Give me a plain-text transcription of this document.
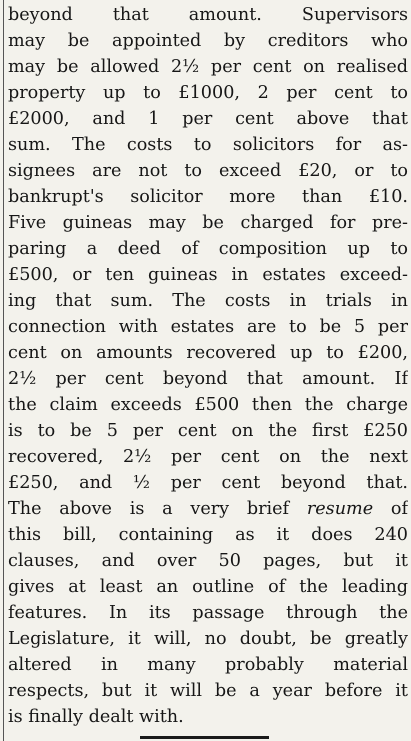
beyond that amount. Supervisors
may be appointed by creditors who
may be allowed 2½ per cent on realised
property up to £1000, 2 per cent to
£2000, and 1 per cent above that
sum. The costs to solicitors for as-
signees are not to exceed £20, or to
bankrupt's solicitor more than £10.
Five guineas may be charged for pre-
paring a deed of composition up to
£500, or ten guineas in estates exceed-
ing that sum. The costs in trials in
connection with estates are to be 5 per
cent on amounts recovered up to £200,
2½ per cent beyond that amount. If
the claim exceeds £500 then the charge
is to be 5 per cent on the first £250
recovered, 2½ per cent on the next
£250, and ½ per cent beyond that.
The above is a very brief resume of
this bill, containing as it does 240
clauses, and over 50 pages, but it
gives at least an outline of the leading
features. In its passage through the
Legislature, it will, no doubt, be greatly
altered in many probably material
respects, but it will be a year before it
is finally dealt with.
